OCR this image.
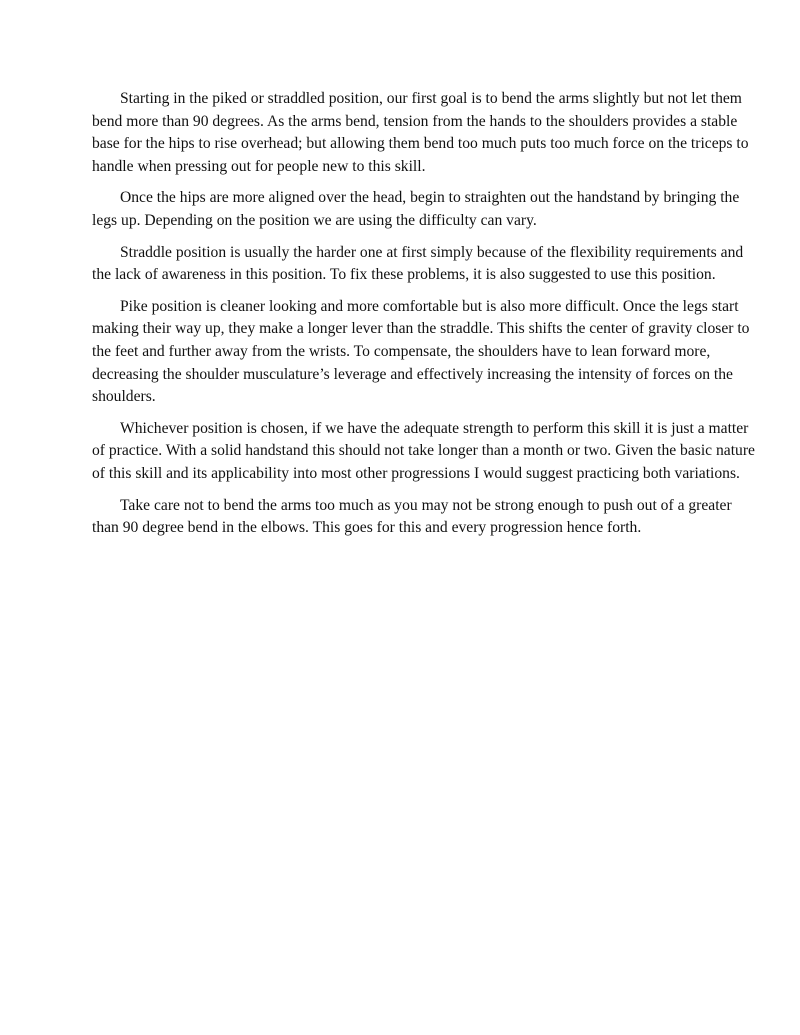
Starting in the piked or straddled position, our first goal is to bend the arms slightly but not let them bend more than 90 degrees. As the arms bend, tension from the hands to the shoulders provides a stable base for the hips to rise overhead; but allowing them bend too much puts too much force on the triceps to handle when pressing out for people new to this skill.

Once the hips are more aligned over the head, begin to straighten out the handstand by bringing the legs up. Depending on the position we are using the difficulty can vary.

Straddle position is usually the harder one at first simply because of the flexibility requirements and the lack of awareness in this position. To fix these problems, it is also suggested to use this position.

Pike position is cleaner looking and more comfortable but is also more difficult. Once the legs start making their way up, they make a longer lever than the straddle. This shifts the center of gravity closer to the feet and further away from the wrists. To compensate, the shoulders have to lean forward more, decreasing the shoulder musculature’s leverage and effectively increasing the intensity of forces on the shoulders.

Whichever position is chosen, if we have the adequate strength to perform this skill it is just a matter of practice. With a solid handstand this should not take longer than a month or two. Given the basic nature of this skill and its applicability into most other progressions I would suggest practicing both variations.

Take care not to bend the arms too much as you may not be strong enough to push out of a greater than 90 degree bend in the elbows. This goes for this and every progression hence forth.
